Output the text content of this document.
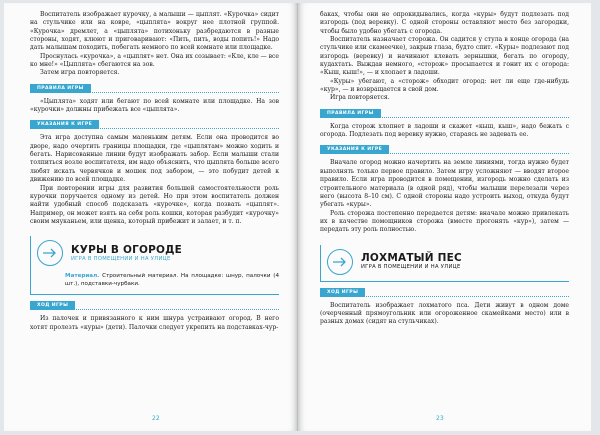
Воспитатель изображает курочку, а малыши — цыплят. «Курочка» сидит на стульчике или на ковре, «цыплята» вокруг нее плотной группой. «Курочка» дремлет, а «цыплята» потихоньку разбредаются в разные стороны, ходят, клюют и приговаривают: «Пить, пить, воды попить!» Надо дать малышам походить, побегать немного по всей комнате или площадке.

Проснулась «курочка», а «цыплят» нет. Она их созывает: «Кле, кле — все ко мне!» «Цыплята» сбегаются на зов.

Затем игра повторяется.

ПРАВИЛА ИГРЫ

«Цыплята» ходят или бегают по всей комнате или площадке. На зов «курочки» должны прибежать все «цыплята».

УКАЗАНИЯ К ИГРЕ

Эта игра доступна самым маленьким детям. Если она проводится во дворе, надо очертить границы площадки, где «цыплятам» можно ходить и бегать. Нарисованные линии будут изображать забор. Если малыши стали толпиться возле воспитателя, им надо объяснить, что цыплята больше всего любят искать червячков и мошек под забором, — это побудит детей к движению по всей площадке.

При повторении игры для развития большей самостоятельности роль курочки поручается одному из детей. Но при этом воспитатель должен найти удобный способ подсказать «курочке», когда позвать «цыплят». Например, он может взять на себя роль кошки, которая разбудит «курочку» своим мяуканьем, или щенка, который прибежит и залает, и т. п.

КУРЫ В ОГОРОДЕ
ИГРА В ПОМЕЩЕНИИ И НА УЛИЦЕ
Материал. Строительный материал. На площадке: шнур, палочки (4 шт.), подставки-чурбаки.
ХОД ИГРЫ

Из палочек и привязанного к ним шнура устраивают огород. В него хотят пролезть «куры» (дети). Палочки следует укрепить на подставках-чур-

22

баках, чтобы они не опрокидывались, когда «куры» будут подлезать под изгородь (под веревку). С одной стороны оставляют место без загородки, чтобы было удобно убегать с огорода.

Воспитатель назначает сторожа. Он садится у стула в конце огорода (на стульчике или скамеечке), закрыв глаза, будто спит. «Куры» подлезают под изгородь (веревку) и начинают клевать зернышки, бегать по огороду, кудахтать. Выждав немного, «сторож» просыпается и гонит их с огорода: «Кыш, кыш!», — и хлопает в ладоши.

«Куры» убегают, а «сторож» обходит огород: нет ли еще где-нибудь «кур», — и возвращается в свой дом.

Игра повторяется.

ПРАВИЛА ИГРЫ

Когда сторож хлопнет в ладоши и скажет «кыш, кыш», надо бежать с огорода. Подлезать под веревку нужно, стараясь не задевать ее.

УКАЗАНИЯ К ИГРЕ

Вначале огород можно начертить на земле линиями, тогда нужно будет выполнять только первое правило. Затем игру усложняют — вводят второе правило. Если игра проводится в помещении, изгородь можно сделать из строительного материала (в одной ряд), чтобы малыши перелезали через него (высота 8–10 см). С одной стороны надо устроить выход, откуда будут убегать «куры».

Роль сторожа постепенно передается детям: вначале можно привлекать их в качестве помощников сторожа (вместе прогонять «кур»), затем — передать эту роль полностью.

ЛОХМАТЫЙ ПЕС
ИГРА В ПОМЕЩЕНИИ И НА УЛИЦЕ
ХОД ИГРЫ

Воспитатель изображает лохматого пса. Дети живут в одном доме (очерченный прямоугольник или огороженное скамейками место) или в разных домах (сидят на стульчиках).

23
